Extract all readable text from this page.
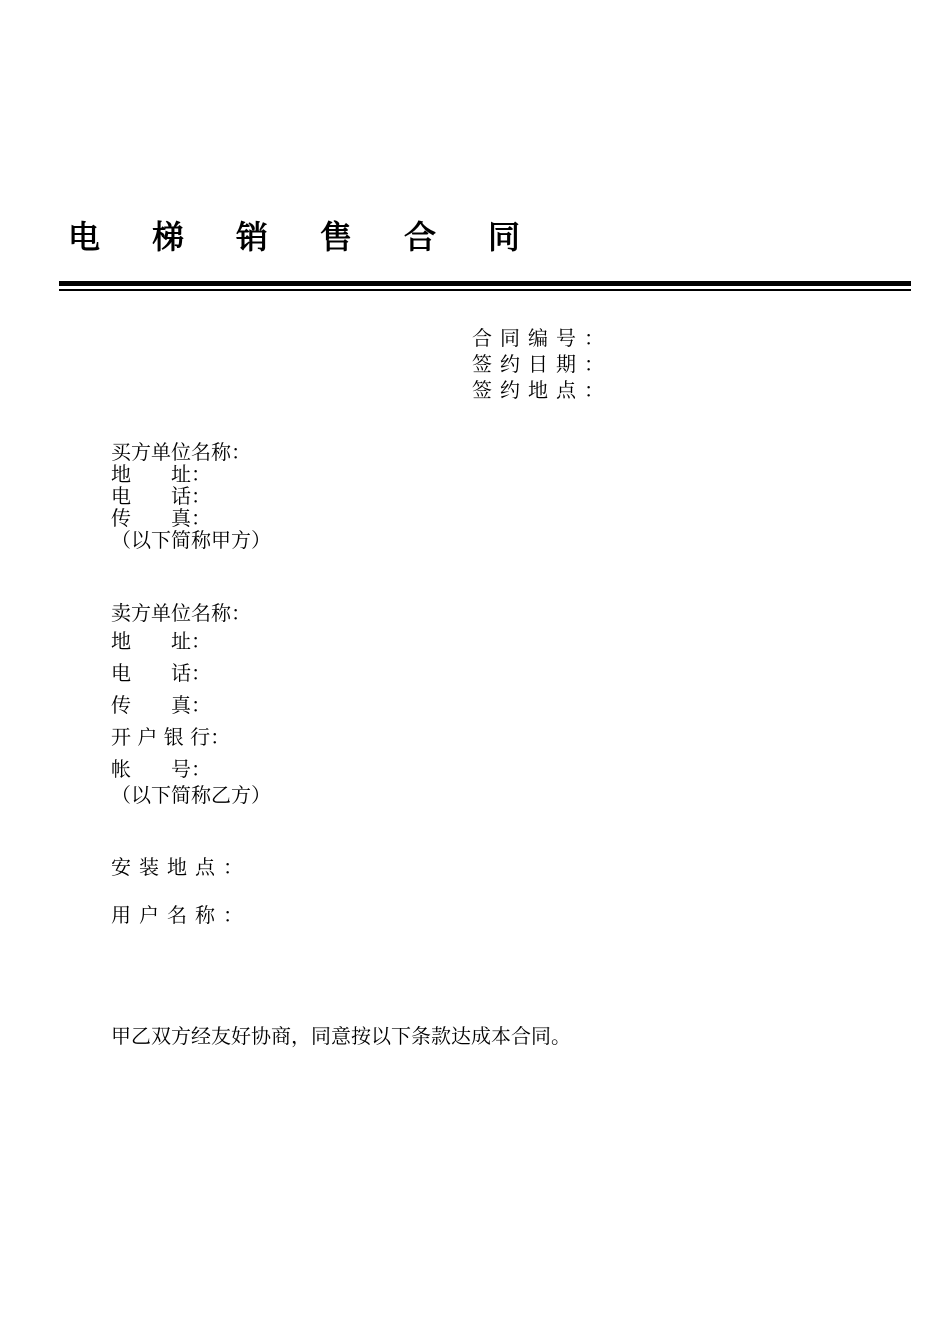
电梯销售合同
合同编号：
签约日期：
签约地点：
买方单位名称：
地　　址：
电　　话：
传　　真：
（以下简称甲方）
卖方单位名称：
地　　址：
电　　话：
传　　真：
开 户 银 行：
帐　　号：
（以下简称乙方）
安装地点：
用户名称：
甲乙双方经友好协商，同意按以下条款达成本合同。
